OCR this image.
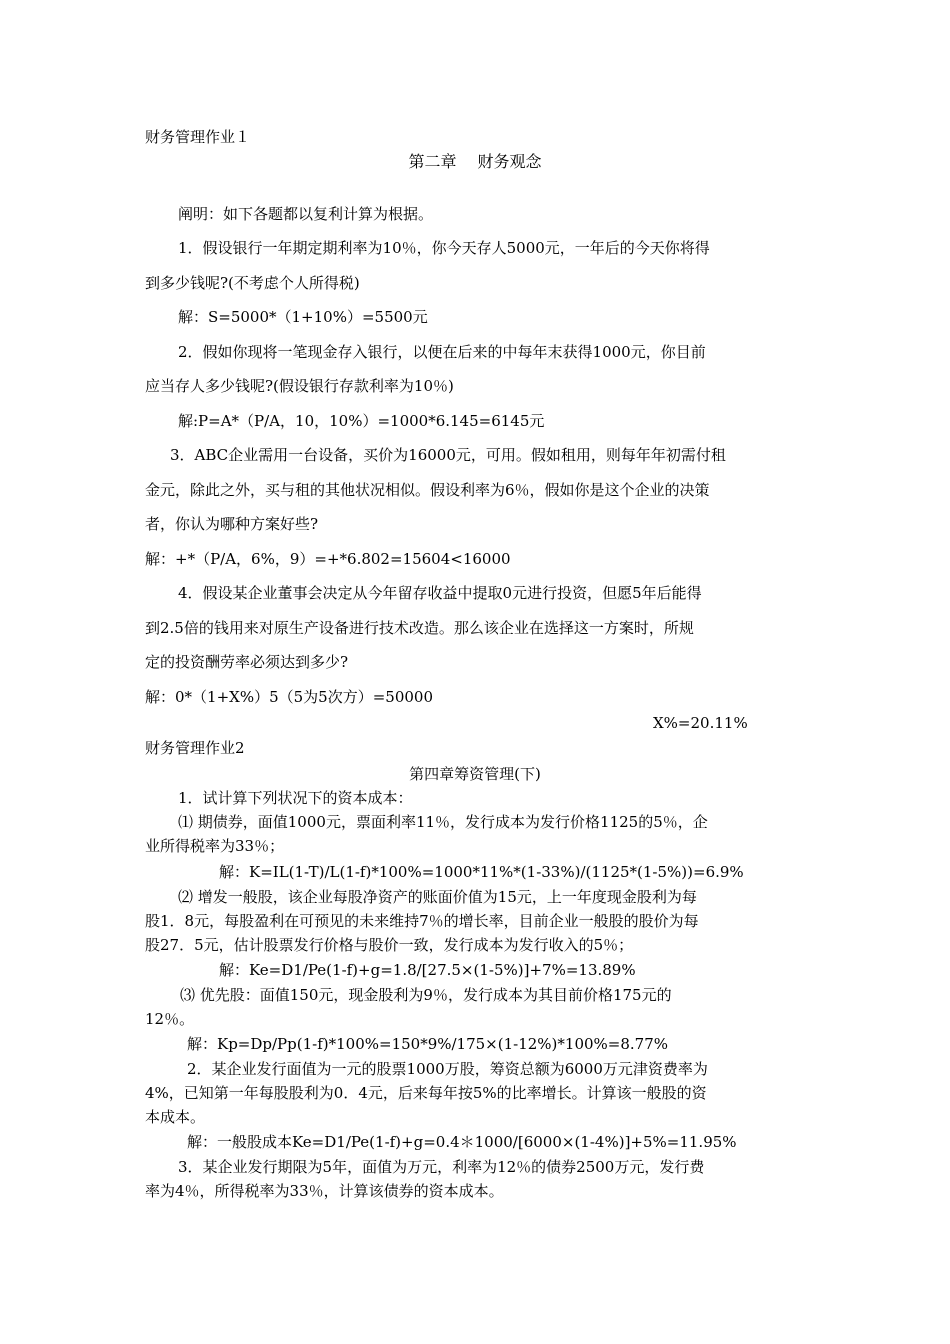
财务管理作业１
第二章　 财务观念
阐明：如下各题都以复利计算为根据。
1．假设银行一年期定期利率为10％，你今天存人5000元，一年后的今天你将得
到多少钱呢?(不考虑个人所得税)
解：S=5000*（1+10%）=5500元
2．假如你现将一笔现金存入银行，以便在后来的中每年末获得1000元，你目前
应当存人多少钱呢?(假设银行存款利率为10％)
解:P=A*（P/A，10，10%）=1000*6.145=6145元
3．ABC企业需用一台设备，买价为16000元，可用。假如租用，则每年年初需付租
金元，除此之外，买与租的其他状况相似。假设利率为6％，假如你是这个企业的决策
者，你认为哪种方案好些?
解：+*（P/A，6%，9）=+*6.802=15604<16000
4．假设某企业董事会决定从今年留存收益中提取0元进行投资，但愿5年后能得
到2.5倍的钱用来对原生产设备进行技术改造。那么该企业在选择这一方案时，所规
定的投资酬劳率必须达到多少?
解：0*（1+X%）5（5为5次方）=50000
X%=20.11%
财务管理作业2
第四章筹资管理(下)
1．试计算下列状况下的资本成本：
⑴ 期债券，面值1000元，票面利率11％，发行成本为发行价格1125的5％，企
业所得税率为33％；
解：K=IL(1-T)/L(1-f)*100%=1000*11%*(1-33%)/(1125*(1-5%))=6.9%
⑵ 增发一般股，该企业每股净资产的账面价值为15元，上一年度现金股利为每
股1．8元，每股盈利在可预见的未来维持7％的增长率，目前企业一般股的股价为每
股27．5元，估计股票发行价格与股价一致，发行成本为发行收入的5％；
解：Ke=D1/Pe(1-f)+g=1.8/[27.5×(1-5%)]+7%=13.89%
⑶ 优先股：面值150元，现金股利为9％，发行成本为其目前价格175元的
12％。
解：Kp=Dp/Pp(1-f)*100%=150*9%/175×(1-12%)*100%=8.77%
2．某企业发行面值为一元的股票1000万股，筹资总额为6000万元津资费率为
4%，已知第一年每股股利为0．4元，后来每年按5%的比率增长。计算该一般股的资
本成本。
解：一般股成本Ke=D1/Pe(1-f)+g=0.4＊1000/[6000×(1-4%)]+5%=11.95%
3．某企业发行期限为5年，面值为万元，利率为12％的债券2500万元，发行费
率为4％，所得税率为33％，计算该债券的资本成本。
